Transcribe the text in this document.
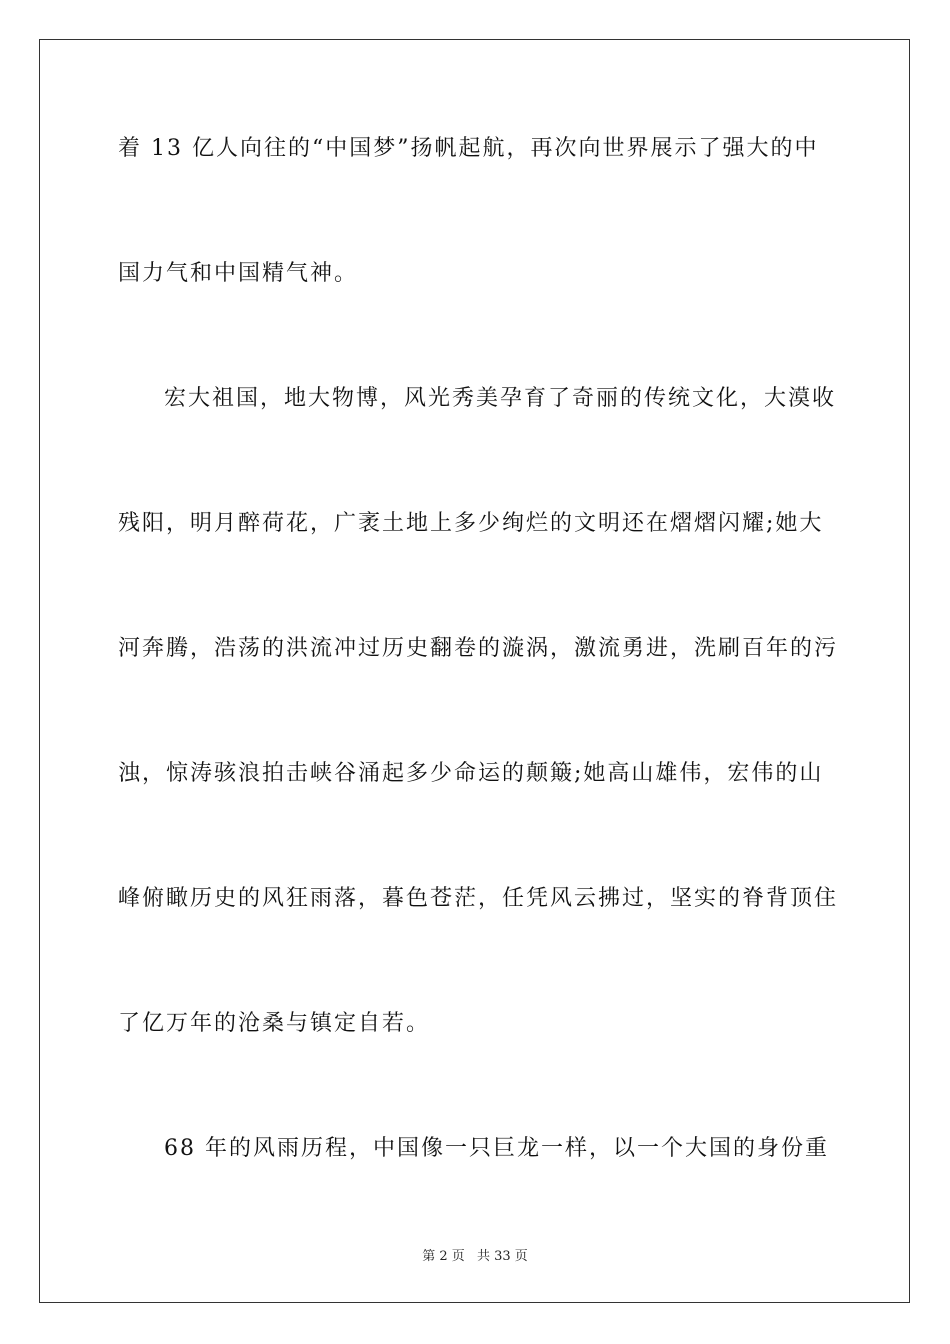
着 13 亿人向往的“中国梦”扬帆起航，再次向世界展示了强大的中
国力气和中国精气神。
宏大祖国，地大物博，风光秀美孕育了奇丽的传统文化，大漠收
残阳，明月醉荷花，广袤土地上多少绚烂的文明还在熠熠闪耀;她大
河奔腾，浩荡的洪流冲过历史翻卷的漩涡，激流勇进，洗刷百年的污
浊，惊涛骇浪拍击峡谷涌起多少命运的颠簸;她高山雄伟，宏伟的山
峰俯瞰历史的风狂雨落，暮色苍茫，任凭风云拂过，坚实的脊背顶住
了亿万年的沧桑与镇定自若。
68 年的风雨历程，中国像一只巨龙一样，以一个大国的身份重
第 2 页 共 33 页
